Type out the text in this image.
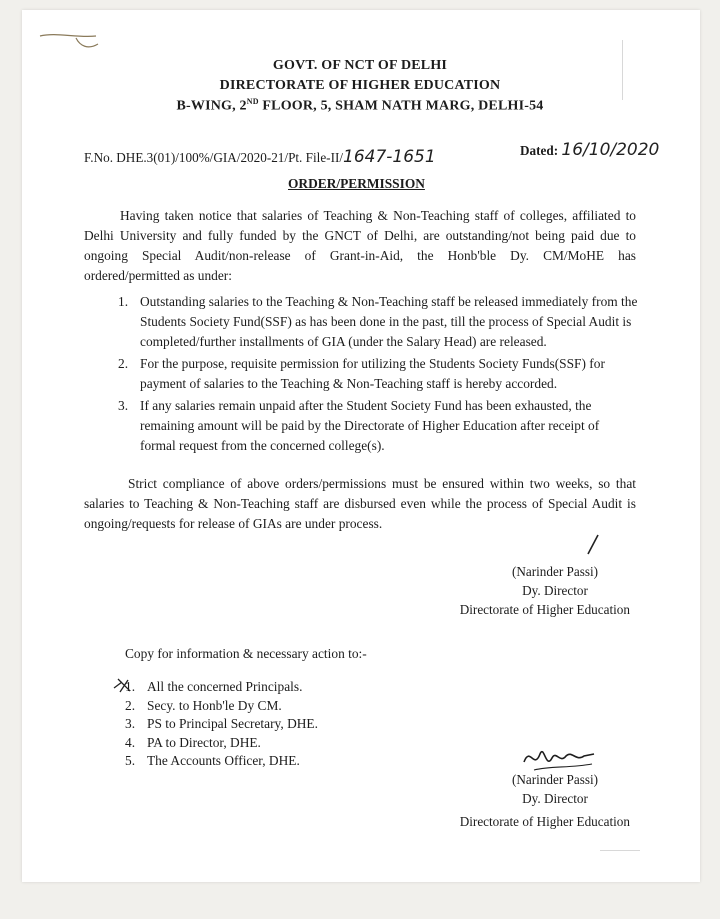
GOVT. OF NCT OF DELHI
DIRECTORATE OF HIGHER EDUCATION
B-WING, 2ND FLOOR, 5, SHAM NATH MARG, DELHI-54
F.No. DHE.3(01)/100%/GIA/2020-21/Pt. File-II/1647-1651	Dated: 16/10/2020
ORDER/PERMISSION
Having taken notice that salaries of Teaching & Non-Teaching staff of colleges, affiliated to Delhi University and fully funded by the GNCT of Delhi, are outstanding/not being paid due to ongoing Special Audit/non-release of Grant-in-Aid, the Honb'ble Dy. CM/MoHE has ordered/permitted as under:
1. Outstanding salaries to the Teaching & Non-Teaching staff be released immediately from the Students Society Fund(SSF) as has been done in the past, till the process of Special Audit is completed/further installments of GIA (under the Salary Head) are released.
2. For the purpose, requisite permission for utilizing the Students Society Funds(SSF) for payment of salaries to the Teaching & Non-Teaching staff is hereby accorded.
3. If any salaries remain unpaid after the Student Society Fund has been exhausted, the remaining amount will be paid by the Directorate of Higher Education after receipt of formal request from the concerned college(s).
Strict compliance of above orders/permissions must be ensured within two weeks, so that salaries to Teaching & Non-Teaching staff are disbursed even while the process of Special Audit is ongoing/requests for release of GIAs are under process.
(Narinder Passi)
Dy. Director
Directorate of Higher Education
Copy for information & necessary action to:-
1. All the concerned Principals.
2. Secy. to Honb'le Dy CM.
3. PS to Principal Secretary, DHE.
4. PA to Director, DHE.
5. The Accounts Officer, DHE.
(Narinder Passi)
Dy. Director
Directorate of Higher Education
